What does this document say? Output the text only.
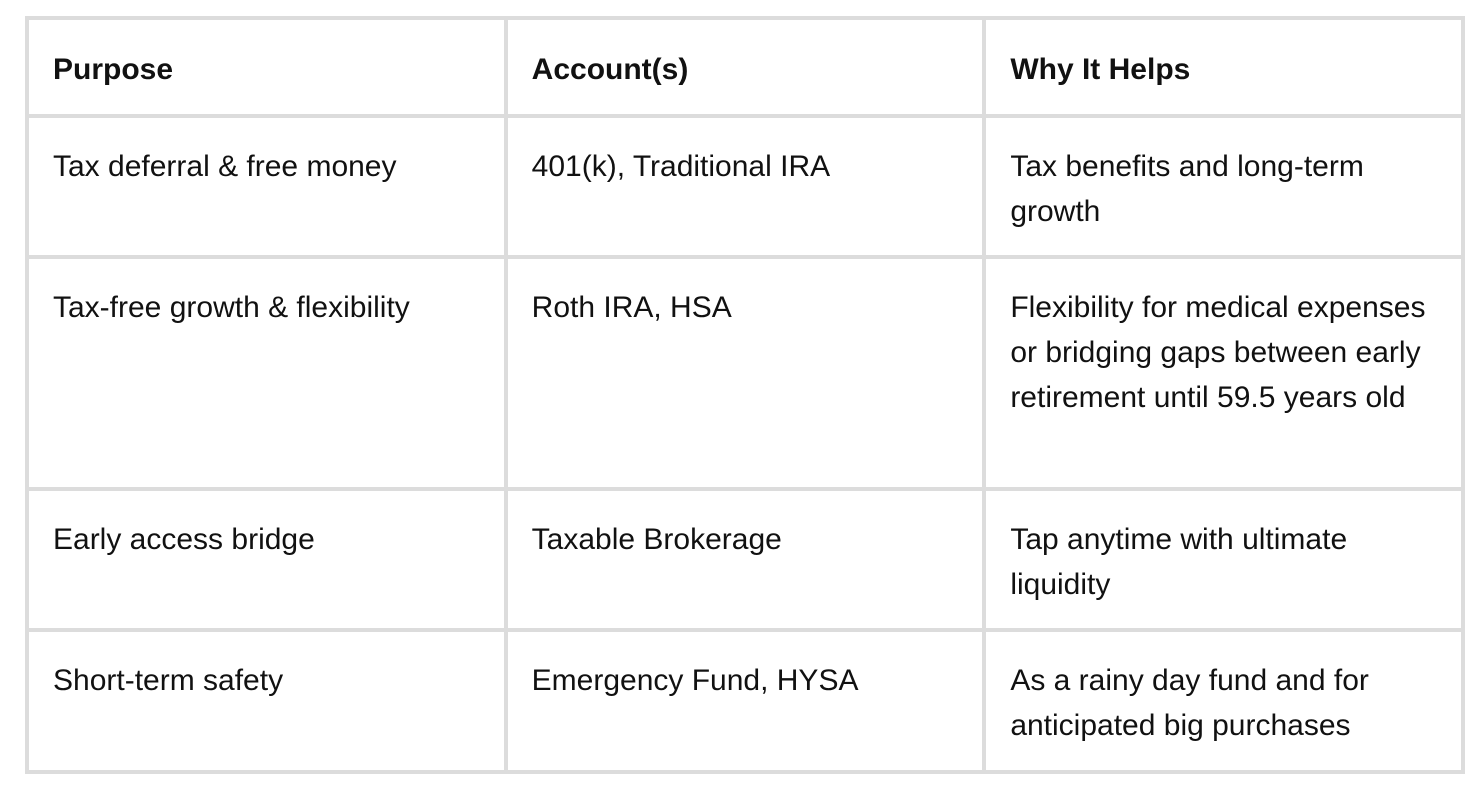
Purpose	Account(s)	Why It Helps
Tax deferral & free money	401(k), Traditional IRA	Tax benefits and long-term growth
Tax-free growth & flexibility	Roth IRA, HSA	Flexibility for medical expenses or bridging gaps between early retirement until 59.5 years old
Early access bridge	Taxable Brokerage	Tap anytime with ultimate liquidity
Short-term safety	Emergency Fund, HYSA	As a rainy day fund and for anticipated big purchases
